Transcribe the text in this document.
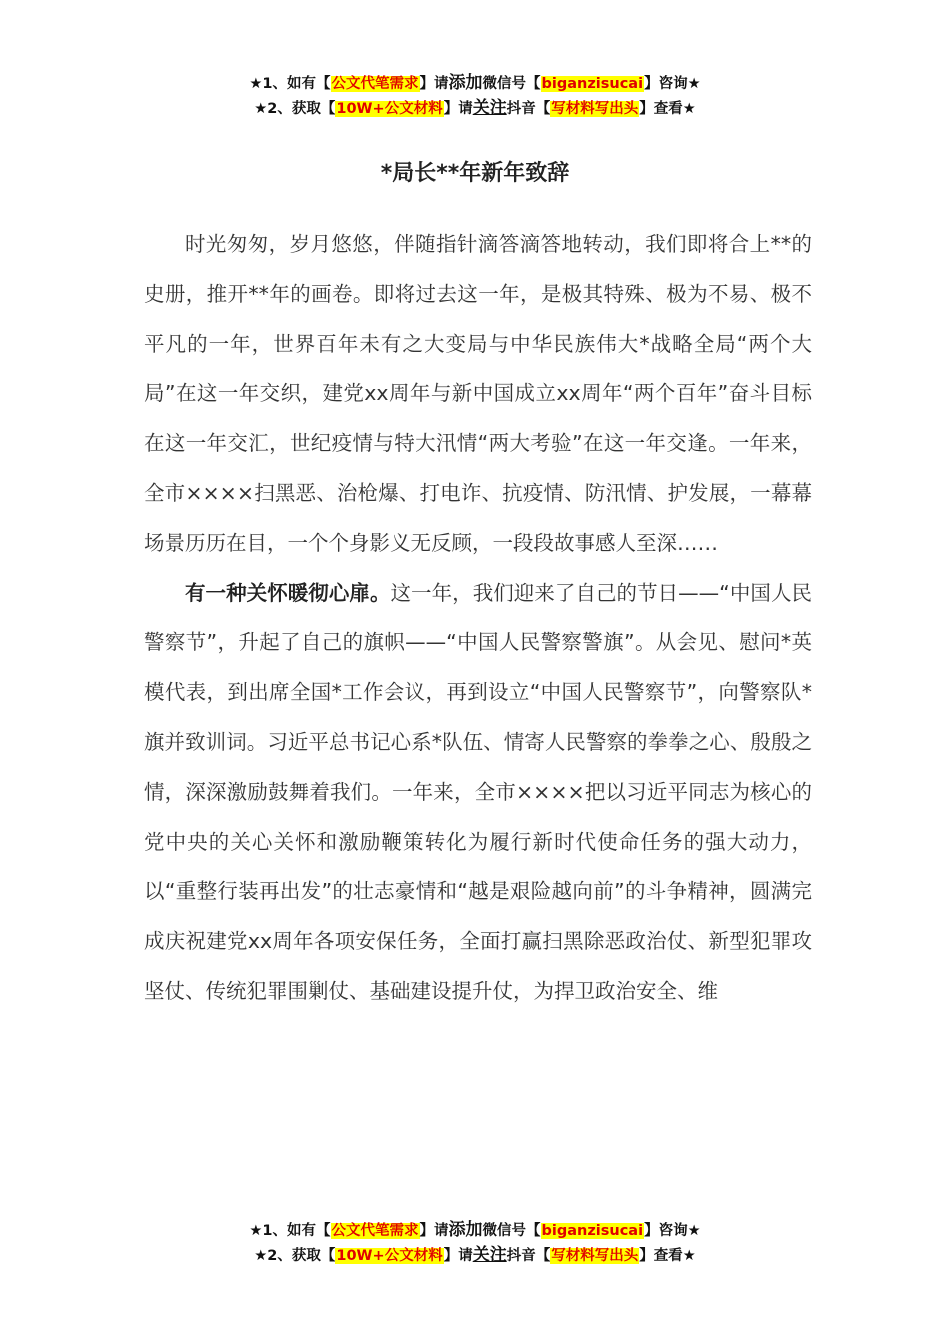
★1、如有【公文代笔需求】请添加微信号【biganzisucai】咨询★
★2、获取【10W+公文材料】请关注抖音【写材料写出头】查看★
*局长**年新年致辞

时光匆匆，岁月悠悠，伴随指针滴答滴答地转动，我们即将合上**的史册，推开**年的画卷。即将过去这一年，是极其特殊、极为不易、极不平凡的一年，世界百年未有之大变局与中华民族伟大*战略全局“两个大局”在这一年交织，建党xx周年与新中国成立xx周年“两个百年”奋斗目标在这一年交汇，世纪疫情与特大汛情“两大考验”在这一年交逢。一年来，全市××××扫黑恶、治枪爆、打电诈、抗疫情、防汛情、护发展，一幕幕场景历历在目，一个个身影义无反顾，一段段故事感人至深……

有一种关怀暖彻心扉。这一年，我们迎来了自己的节日——“中国人民警察节”，升起了自己的旗帜——“中国人民警察警旗”。从会见、慰问*英模代表，到出席全国*工作会议，再到设立“中国人民警察节”，向警察队*旗并致训词。习近平总书记心系*队伍、情寄人民警察的拳拳之心、殷殷之情，深深激励鼓舞着我们。一年来，全市××××把以习近平同志为核心的党中央的关心关怀和激励鞭策转化为履行新时代使命任务的强大动力，以“重整行装再出发”的壮志豪情和“越是艰险越向前”的斗争精神，圆满完成庆祝建党xx周年各项安保任务，全面打赢扫黑除恶政治仗、新型犯罪攻坚仗、传统犯罪围剿仗、基础建设提升仗，为捍卫政治安全、维

★1、如有【公文代笔需求】请添加微信号【biganzisucai】咨询★
★2、获取【10W+公文材料】请关注抖音【写材料写出头】查看★
